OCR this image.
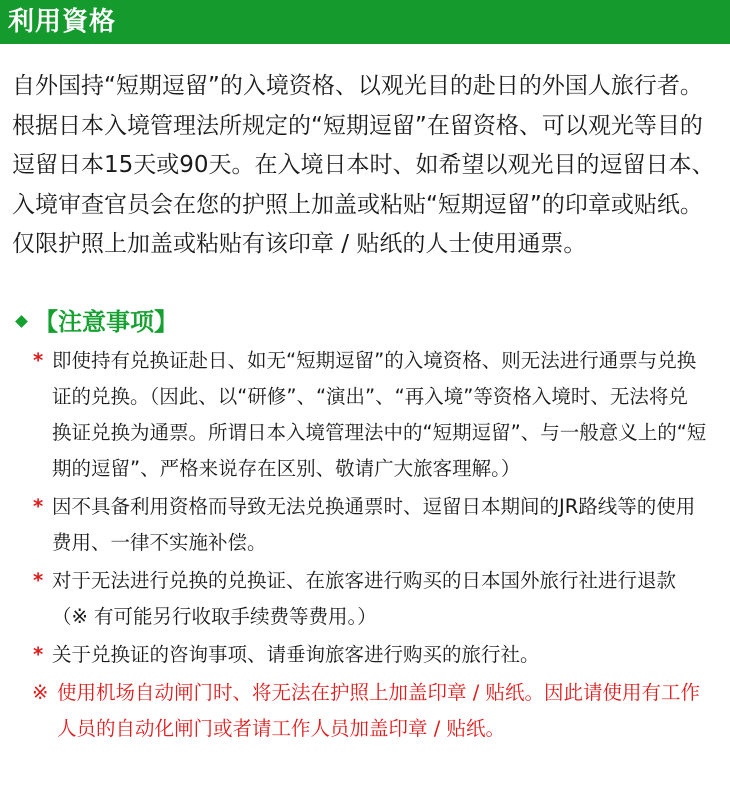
利用資格
自外国持“短期逗留”的入境资格、以观光目的赴日的外国人旅行者。根据日本入境管理法所规定的“短期逗留”在留资格、可以观光等目的逗留日本15天或90天。在入境日本时、如希望以观光目的逗留日本、入境审查官员会在您的护照上加盖或粘贴“短期逗留”的印章或贴纸。仅限护照上加盖或粘贴有该印章 / 贴纸的人士使用通票。
【注意事项】
* 即使持有兑换证赴日、如无“短期逗留”的入境资格、则无法进行通票与兑换证的兑换。（因此、以“研修”、“演出”、“再入境”等资格入境时、无法将兑换证兑换为通票。所谓日本入境管理法中的“短期逗留”、与一般意义上的“短期的逗留”、严格来说存在区别、敬请广大旅客理解。）
* 因不具备利用资格而导致无法兑换通票时、逗留日本期间的JR路线等的使用费用、一律不实施补偿。
* 对于无法进行兑换的兑换证、在旅客进行购买的日本国外旅行社进行退款（※ 有可能另行收取手续费等费用。）
* 关于兑换证的咨询事项、请垂询旅客进行购买的旅行社。
※ 使用机场自动闸门时、将无法在护照上加盖印章 / 贴纸。因此请使用有工作人员的自动化闸门或者请工作人员加盖印章 / 贴纸。
